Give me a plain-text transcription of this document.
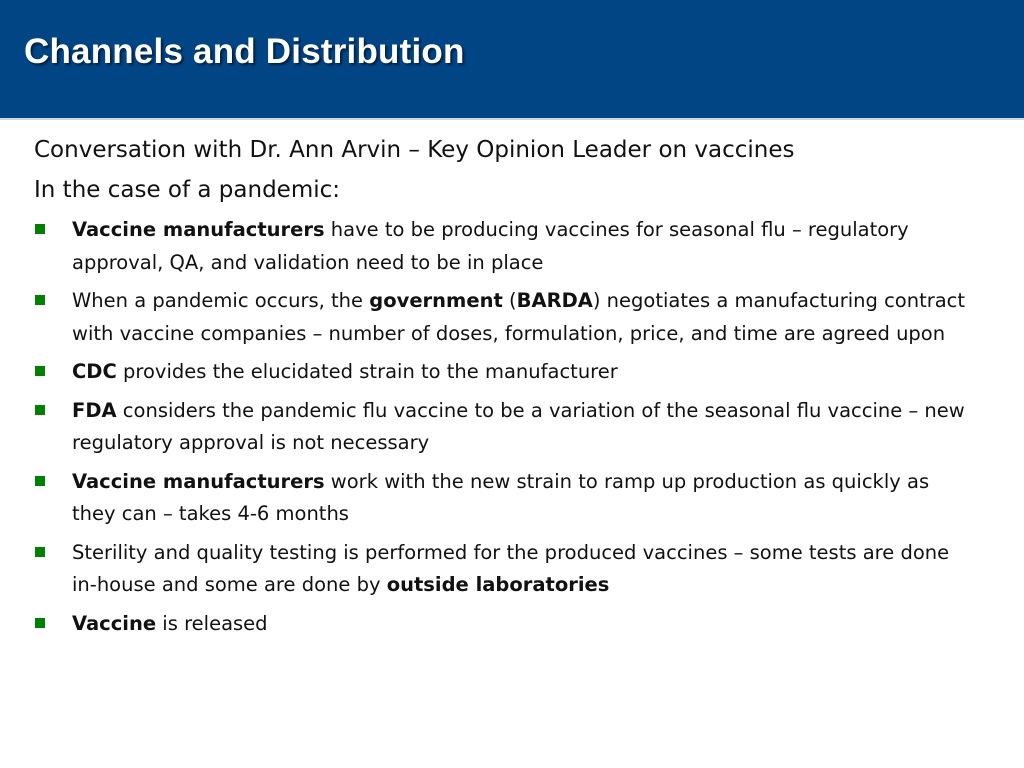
Channels and Distribution

Conversation with Dr. Ann Arvin – Key Opinion Leader on vaccines

In the case of a pandemic:

Vaccine manufacturers have to be producing vaccines for seasonal flu – regulatory approval, QA, and validation need to be in place
When a pandemic occurs, the government (BARDA) negotiates a manufacturing contract with vaccine companies – number of doses, formulation, price, and time are agreed upon
CDC provides the elucidated strain to the manufacturer
FDA considers the pandemic flu vaccine to be a variation of the seasonal flu vaccine – new regulatory approval is not necessary
Vaccine manufacturers work with the new strain to ramp up production as quickly as they can – takes 4-6 months
Sterility and quality testing is performed for the produced vaccines – some tests are done in-house and some are done by outside laboratories
Vaccine is released
